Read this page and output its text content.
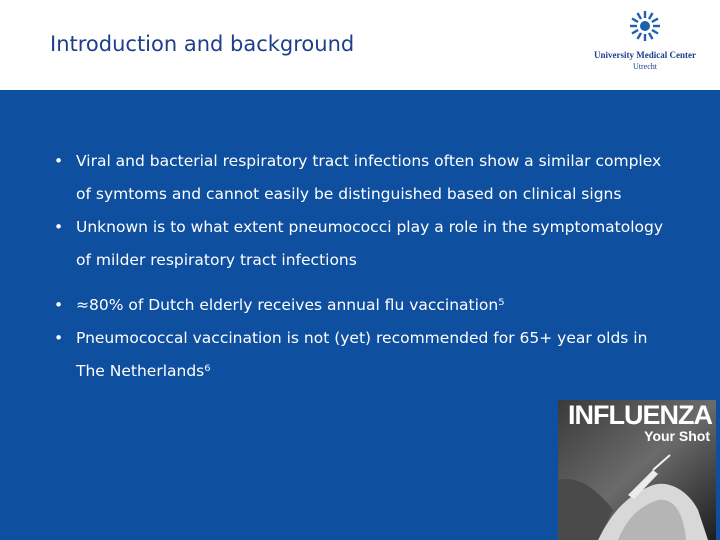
Introduction and background	University Medical Center
Utrecht
• Viral and bacterial respiratory tract infections often show a similar complex of symtoms and cannot easily be distinguished based on clinical signs
• Unknown is to what extent pneumococci play a role in the symptomatology of milder respiratory tract infections
• ≈80% of Dutch elderly receives annual flu vaccination⁵
• Pneumococcal vaccination is not (yet) recommended for 65+ year olds in The Netherlands⁶
INFLUENZA
Your Shot
